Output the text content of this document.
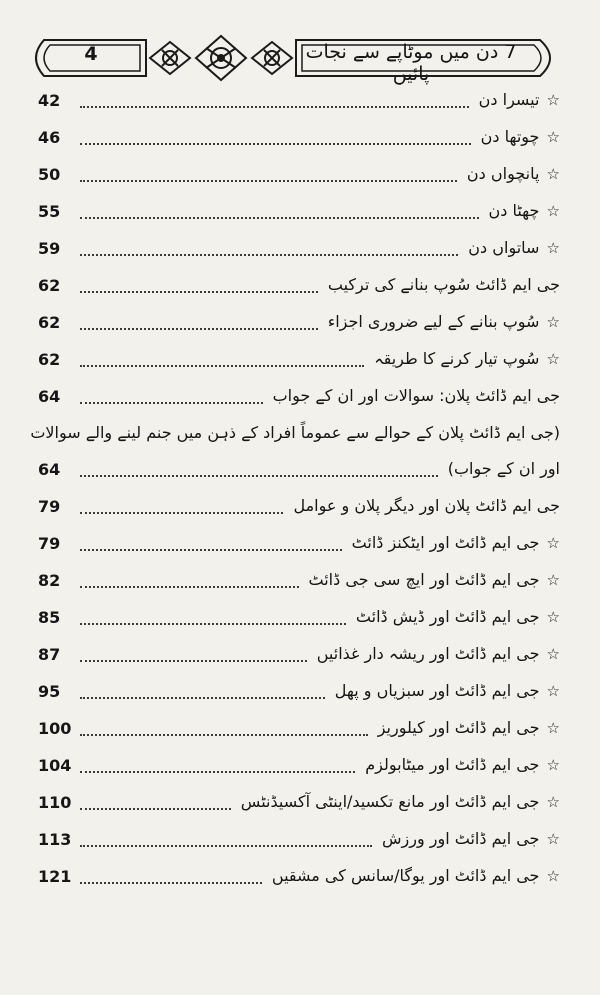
4	7 دن میں موٹاپے سے نجات پائیں
42	☆ تیسرا دن
46	☆ چوتھا دن
50	☆ پانچواں دن
55	☆ چھٹا دن
59	☆ ساتواں دن
62	جی ایم ڈائٹ سُوپ بنانے کی ترکیب
62	☆ سُوپ بنانے کے لیے ضروری اجزاء
62	☆ سُوپ تیار کرنے کا طریقہ
64	جی ایم ڈائٹ پلان: سوالات اور ان کے جواب
(جی ایم ڈائٹ پلان کے حوالے سے عموماً افراد کے ذہن میں جنم لینے والے سوالات
64	اور ان کے جواب)
79	جی ایم ڈائٹ پلان اور دیگر پلان و عوامل
79	☆ جی ایم ڈائٹ اور ایٹکنز ڈائٹ
82	☆ جی ایم ڈائٹ اور ایچ سی جی ڈائٹ
85	☆ جی ایم ڈائٹ اور ڈیش ڈائٹ
87	☆ جی ایم ڈائٹ اور ریشہ دار غذائیں
95	☆ جی ایم ڈائٹ اور سبزیاں و پھل
100	☆ جی ایم ڈائٹ اور کیلوریز
104	☆ جی ایم ڈائٹ اور میٹابولزم
110	☆ جی ایم ڈائٹ اور مانع تکسید/اینٹی آکسیڈنٹس
113	☆ جی ایم ڈائٹ اور ورزش
121	☆ جی ایم ڈائٹ اور یوگا/سانس کی مشقیں
